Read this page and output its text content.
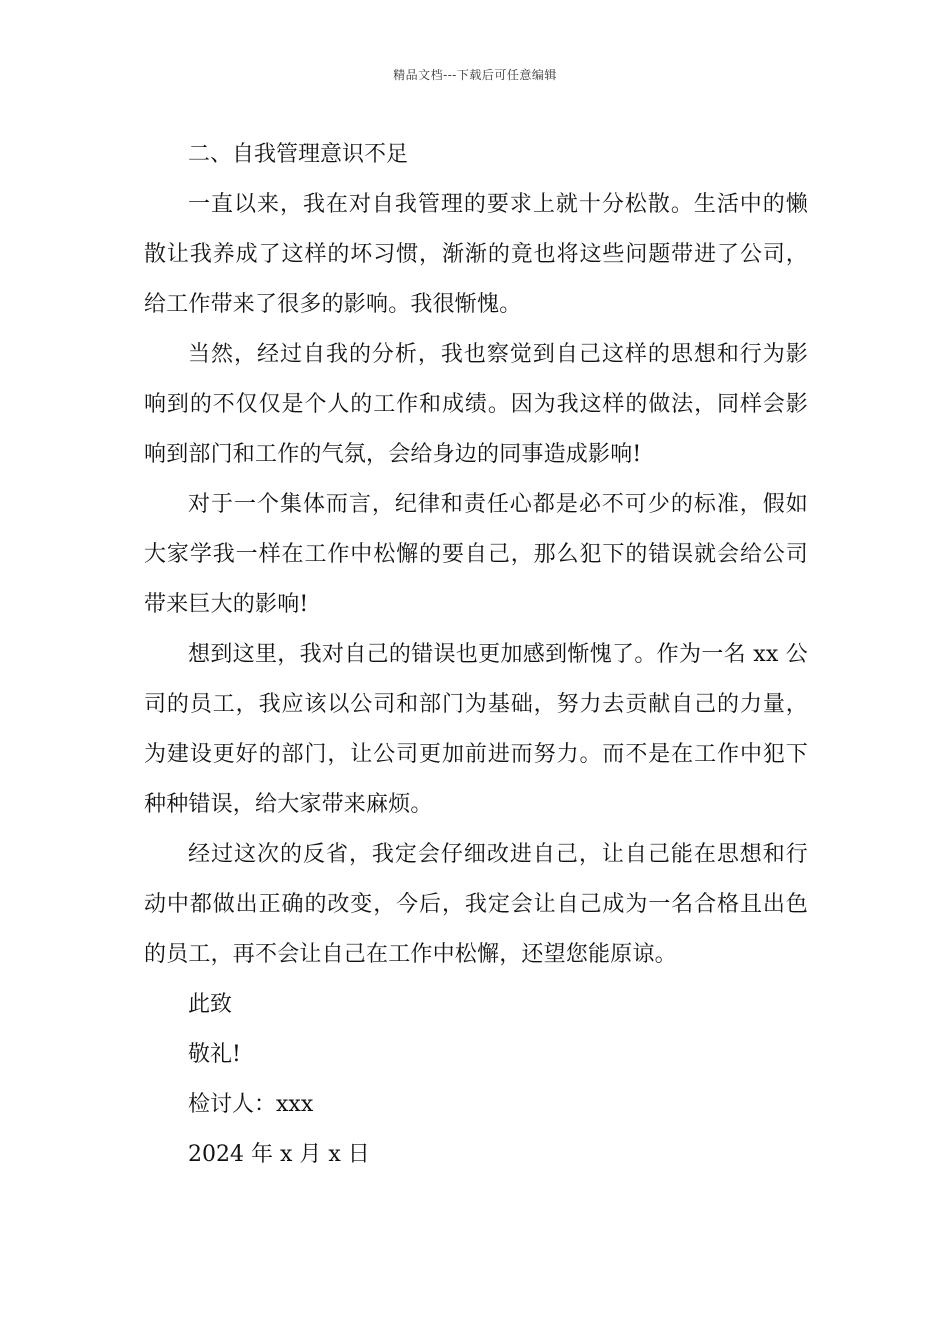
精品文档---下载后可任意编辑

二、自我管理意识不足

一直以来，我在对自我管理的要求上就十分松散。生活中的懒散让我养成了这样的坏习惯，渐渐的竟也将这些问题带进了公司，给工作带来了很多的影响。我很惭愧。

当然，经过自我的分析，我也察觉到自己这样的思想和行为影响到的不仅仅是个人的工作和成绩。因为我这样的做法，同样会影响到部门和工作的气氛，会给身边的同事造成影响!

对于一个集体而言，纪律和责任心都是必不可少的标准，假如大家学我一样在工作中松懈的要自己，那么犯下的错误就会给公司带来巨大的影响!

想到这里，我对自己的错误也更加感到惭愧了。作为一名 xx 公司的员工，我应该以公司和部门为基础，努力去贡献自己的力量，为建设更好的部门，让公司更加前进而努力。而不是在工作中犯下种种错误，给大家带来麻烦。

经过这次的反省，我定会仔细改进自己，让自己能在思想和行动中都做出正确的改变，今后，我定会让自己成为一名合格且出色的员工，再不会让自己在工作中松懈，还望您能原谅。

此致

敬礼!

检讨人：xxx

2024 年 x 月 x 日
